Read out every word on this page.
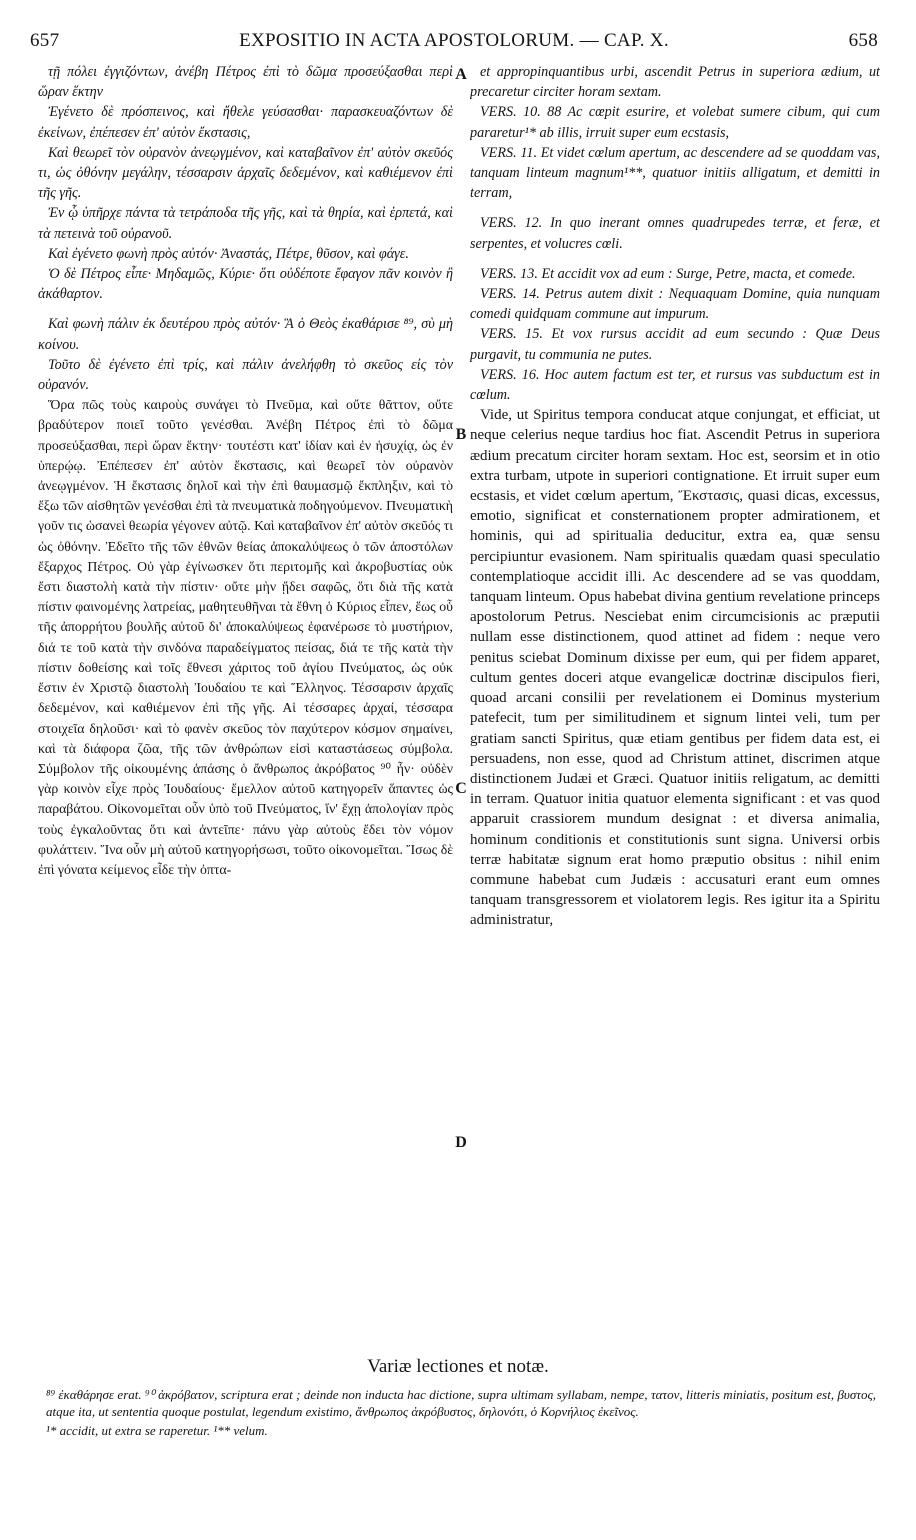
657	EXPOSITIO IN ACTA APOSTOLORUM. — CAP. X.	658

τῇ πόλει ἐγγιζόντων, ἀνέβη Πέτρος ἐπὶ τὸ δῶμα προσεύξασθαι περὶ ὥραν ἕκτην

Ἐγένετο δὲ πρόσπεινος, καὶ ἤθελε γεύσασθαι· παρασκευαζόντων δὲ ἐκείνων, ἐπέπεσεν ἐπ' αὐτὸν ἔκστασις,

Καὶ θεωρεῖ τὸν οὐρανὸν ἀνεῳγμένον, καὶ καταβαῖνον ἐπ' αὐτὸν σκεῦός τι, ὡς ὀθόνην μεγάλην, τέσσαρσιν ἀρχαῖς δεδεμένον, καὶ καθιέμενον ἐπὶ τῆς γῆς.

Ἐν ᾧ ὑπῆρχε πάντα τὰ τετράποδα τῆς γῆς, καὶ τὰ θηρία, καὶ ἑρπετά, καὶ τὰ πετεινὰ τοῦ οὐρανοῦ.

Καὶ ἐγένετο φωνὴ πρὸς αὐτόν· Ἀναστάς, Πέτρε, θῦσον, καὶ φάγε.

Ὁ δὲ Πέτρος εἶπε· Μηδαμῶς, Κύριε· ὅτι οὐδέποτε ἔφαγον πᾶν κοινὸν ἢ ἀκάθαρτον.

Καὶ φωνὴ πάλιν ἐκ δευτέρου πρὸς αὐτόν· Ἃ ὁ Θεὸς ἐκαθάρισε ⁸⁹, σὺ μὴ κοίνου.

Τοῦτο δὲ ἐγένετο ἐπὶ τρίς, καὶ πάλιν ἀνελήφθη τὸ σκεῦος εἰς τὸν οὐρανόν.

Ὅρα πῶς τοὺς καιροὺς συνάγει τὸ Πνεῦμα, καὶ οὔτε θᾶττον, οὔτε βραδύτερον ποιεῖ τοῦτο γενέσθαι. Ἀνέβη Πέτρος ἐπὶ τὸ δῶμα προσεύξασθαι, περὶ ὥραν ἕκτην· τουτέστι κατ' ἰδίαν καὶ ἐν ἡσυχίᾳ, ὡς ἐν ὑπερῴῳ. Ἐπέπεσεν ἐπ' αὐτὸν ἔκστασις, καὶ θεωρεῖ τὸν οὐρανὸν ἀνεῳγμένον. Ἡ ἔκστασις δηλοῖ καὶ τὴν ἐπὶ θαυμασμῷ ἔκπληξιν, καὶ τὸ ἔξω τῶν αἰσθητῶν γενέσθαι ἐπὶ τὰ πνευματικὰ ποδηγούμενον. Πνευματικὴ γοῦν τις ὡσανεὶ θεωρία γέγονεν αὐτῷ. Καὶ καταβαῖνον ἐπ' αὐτὸν σκεῦός τι ὡς ὀθόνην. Ἐδεῖτο τῆς τῶν ἐθνῶν θείας ἀποκαλύψεως ὁ τῶν ἀποστόλων ἔξαρχος Πέτρος. Οὐ γὰρ ἐγίνωσκεν ὅτι περιτομῆς καὶ ἀκροβυστίας οὐκ ἔστι διαστολὴ κατὰ τὴν πίστιν· οὔτε μὴν ᾔδει σαφῶς, ὅτι διὰ τῆς κατὰ πίστιν φαινομένης λατρείας, μαθητευθῆναι τὰ ἔθνη ὁ Κύριος εἶπεν, ἕως οὗ τῆς ἀπορρήτου βουλῆς αὐτοῦ δι' ἀποκαλύψεως ἐφανέρωσε τὸ μυστήριον, διά τε τοῦ κατὰ τὴν σινδόνα παραδείγματος πείσας, διά τε τῆς κατὰ τὴν πίστιν δοθείσης καὶ τοῖς ἔθνεσι χάριτος τοῦ ἁγίου Πνεύματος, ὡς οὐκ ἔστιν ἐν Χριστῷ διαστολὴ Ἰουδαίου τε καὶ Ἕλληνος. Τέσσαρσιν ἀρχαῖς δεδεμένον, καὶ καθιέμενον ἐπὶ τῆς γῆς. Αἱ τέσσαρες ἀρχαί, τέσσαρα στοιχεῖα δηλοῦσι· καὶ τὸ φανὲν σκεῦος τὸν παχύτερον κόσμον σημαίνει, καὶ τὰ διάφορα ζῶα, τῆς τῶν ἀνθρώπων εἰσὶ καταστάσεως σύμβολα. Σύμβολον τῆς οἰκουμένης ἁπάσης ὁ ἄνθρωπος ἀκρόβατος ⁹⁰ ἦν· οὐδὲν γὰρ κοινὸν εἶχε πρὸς Ἰουδαίους· ἔμελλον αὐτοῦ κατηγορεῖν ἅπαντες ὡς παραβάτου. Οἰκονομεῖται οὖν ὑπὸ τοῦ Πνεύματος, ἵν' ἔχῃ ἀπολογίαν πρὸς τοὺς ἐγκαλοῦντας ὅτι καὶ ἀντεῖπε· πάνυ γὰρ αὐτοὺς ἔδει τὸν νόμον φυλάττειν. Ἵνα οὖν μὴ αὐτοῦ κατηγορήσωσι, τοῦτο οἰκονομεῖται. Ἴσως δὲ ἐπὶ γόνατα κείμενος εἶδε τὴν ὀπτα-

A
B
C
D

et appropinquantibus urbi, ascendit Petrus in superiora ædium, ut precaretur circiter horam sextam.

VERS. 10. 88 Ac cœpit esurire, et volebat sumere cibum, qui cum pararetur¹* ab illis, irruit super eum ecstasis,

VERS. 11. Et videt cœlum apertum, ac descendere ad se quoddam vas, tanquam linteum magnum¹**, quatuor initiis alligatum, et demitti in terram,

VERS. 12. In quo inerant omnes quadrupedes terræ, et feræ, et serpentes, et volucres cœli.

VERS. 13. Et accidit vox ad eum : Surge, Petre, macta, et comede.

VERS. 14. Petrus autem dixit : Nequaquam Domine, quia nunquam comedi quidquam commune aut impurum.

VERS. 15. Et vox rursus accidit ad eum secundo : Quæ Deus purgavit, tu communia ne putes.

VERS. 16. Hoc autem factum est ter, et rursus vas subductum est in cœlum.

Vide, ut Spiritus tempora conducat atque conjungat, et efficiat, ut neque celerius neque tardius hoc fiat. Ascendit Petrus in superiora ædium precatum circiter horam sextam. Hoc est, seorsim et in otio extra turbam, utpote in superiori contignatione. Et irruit super eum ecstasis, et videt cœlum apertum, Ἔκστασις, quasi dicas, excessus, emotio, significat et consternationem propter admirationem, et hominis, qui ad spiritualia deducitur, extra ea, quæ sensu percipiuntur evasionem. Nam spiritualis quædam quasi speculatio contemplatioque accidit illi. Ac descendere ad se vas quoddam, tanquam linteum. Opus habebat divina gentium revelatione princeps apostolorum Petrus. Nesciebat enim circumcisionis ac præputii nullam esse distinctionem, quod attinet ad fidem : neque vero penitus sciebat Dominum dixisse per eum, qui per fidem apparet, cultum gentes doceri atque evangelicæ doctrinæ discipulos fieri, quoad arcani consilii per revelationem ei Dominus mysterium patefecit, tum per similitudinem et signum lintei veli, tum per gratiam sancti Spiritus, quæ etiam gentibus per fidem data est, ei persuadens, non esse, quod ad Christum attinet, discrimen atque distinctionem Judæi et Græci. Quatuor initiis religatum, ac demitti in terram. Quatuor initia quatuor elementa significant : et vas quod apparuit crassiorem mundum designat : et diversa animalia, hominum conditionis et constitutionis sunt signa. Universi orbis terræ habitatæ signum erat homo præputio obsitus : nihil enim commune habebat cum Judæis : accusaturi erant eum omnes tanquam transgressorem et violatorem legis. Res igitur ita a Spiritu administratur,

Variæ lectiones et notæ.

⁸⁹ ἐκαθάρησε erat. ⁹⁰ ἀκρόβατον, scriptura erat ; deinde non inducta hac dictione, supra ultimam syllabam, nempe, τατον, litteris miniatis, positum est, βυστος, atque ita, ut sententia quoque postulat, legendum existimo, ἄνθρωπος ἀκρόβυστος, δηλονότι, ὁ Κορνήλιος ἐκεῖνος.

¹* accidit, ut extra se raperetur. ¹** velum.
